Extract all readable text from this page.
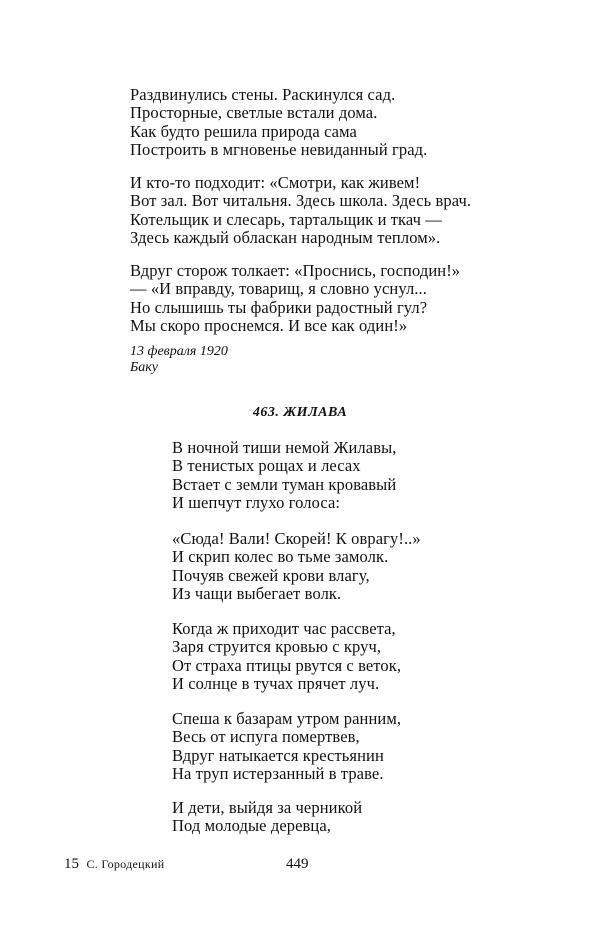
Раздвинулись стены. Раскинулся сад.
Просторные, светлые встали дома.
Как будто решила природа сама
Построить в мгновенье невиданный град.
И кто-то подходит: «Смотри, как живем!
Вот зал. Вот читальня. Здесь школа. Здесь врач.
Котельщик и слесарь, тартальщик и ткач —
Здесь каждый обласкан народным теплом».
Вдруг сторож толкает: «Проснись, господин!»
— «И вправду, товарищ, я словно уснул...
Но слышишь ты фабрики радостный гул?
Мы скоро проснемся. И все как один!»
13 февраля 1920
Баку
463. ЖИЛАВА
В ночной тиши немой Жилавы,
В тенистых рощах и лесах
Встает с земли туман кровавый
И шепчут глухо голоса:
«Сюда! Вали! Скорей! К оврагу!..»
И скрип колес во тьме замолк.
Почуяв свежей крови влагу,
Из чащи выбегает волк.
Когда ж приходит час рассвета,
Заря струится кровью с круч,
От страха птицы рвутся с веток,
И солнце в тучах прячет луч.
Спеша к базарам утром ранним,
Весь от испуга помертвев,
Вдруг натыкается крестьянин
На труп истерзанный в траве.
И дети, выйдя за черникой
Под молодые деревца,
15 С. Городецкий	449
